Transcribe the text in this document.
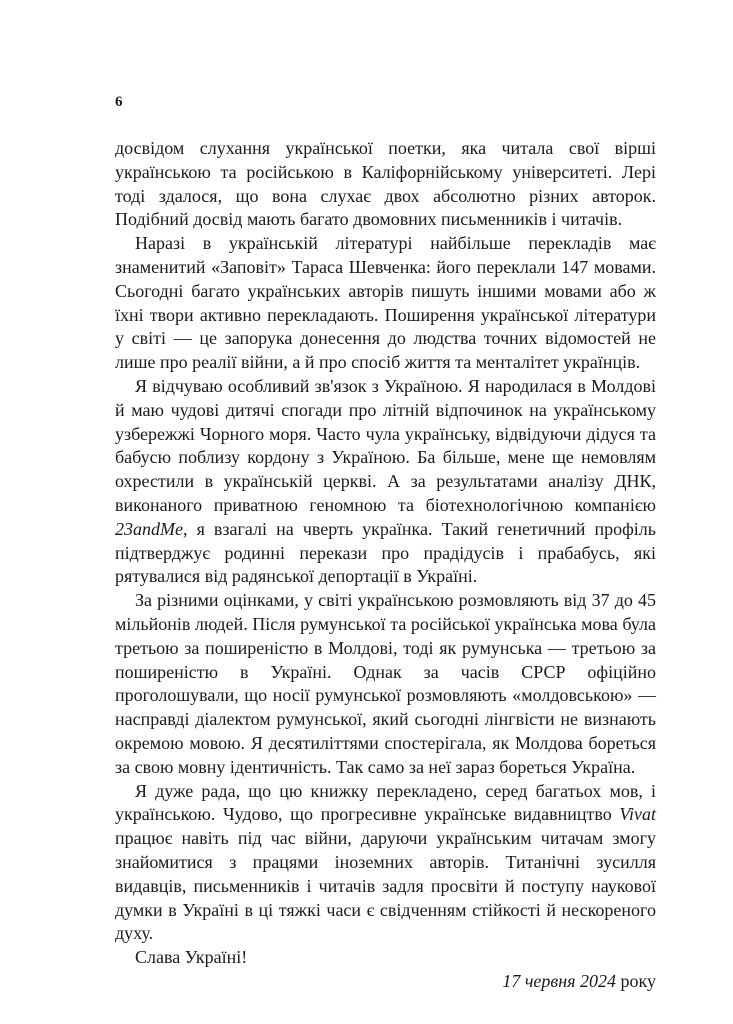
6

досвідом слухання української поетки, яка читала свої вірші українською та російською в Каліфорнійському університеті. Лері тоді здалося, що вона слухає двох абсолютно різних авторок. Подібний досвід мають багато двомовних письменників і читачів.

Наразі в українській літературі найбільше перекладів має знаменитий «Заповіт» Тараса Шевченка: його переклали 147 мовами. Сьогодні багато українських авторів пишуть іншими мовами або ж їхні твори активно перекладають. Поширення української літератури у світі — це запорука донесення до людства точних відомостей не лише про реалії війни, а й про спосіб життя та менталітет українців.

Я відчуваю особливий зв'язок з Україною. Я народилася в Молдові й маю чудові дитячі спогади про літній відпочинок на українському узбережжі Чорного моря. Часто чула українську, відвідуючи дідуся та бабусю поблизу кордону з Україною. Ба більше, мене ще немовлям охрестили в українській церкві. А за результатами аналізу ДНК, виконаного приватною геномною та біотехнологічною компанією 23andMe, я взагалі на чверть українка. Такий генетичний профіль підтверджує родинні перекази про прадідусів і прабабусь, які рятувалися від радянської депортації в Україні.

За різними оцінками, у світі українською розмовляють від 37 до 45 мільйонів людей. Після румунської та російської українська мова була третьою за поширеністю в Молдові, тоді як румунська — третьою за поширеністю в Україні. Однак за часів СРСР офіційно проголошували, що носії румунської розмовляють «молдовською» — насправді діалектом румунської, який сьогодні лінгвісти не визнають окремою мовою. Я десятиліттями спостерігала, як Молдова бореться за свою мовну ідентичність. Так само за неї зараз бореться Україна.

Я дуже рада, що цю книжку перекладено, серед багатьох мов, і українською. Чудово, що прогресивне українське видавництво Vivat працює навіть під час війни, даруючи українським читачам змогу знайомитися з працями іноземних авторів. Титанічні зусилля видавців, письменників і читачів задля просвіти й поступу наукової думки в Україні в ці тяжкі часи є свідченням стійкості й нескореного духу.

Слава Україні!

17 червня 2024 року
